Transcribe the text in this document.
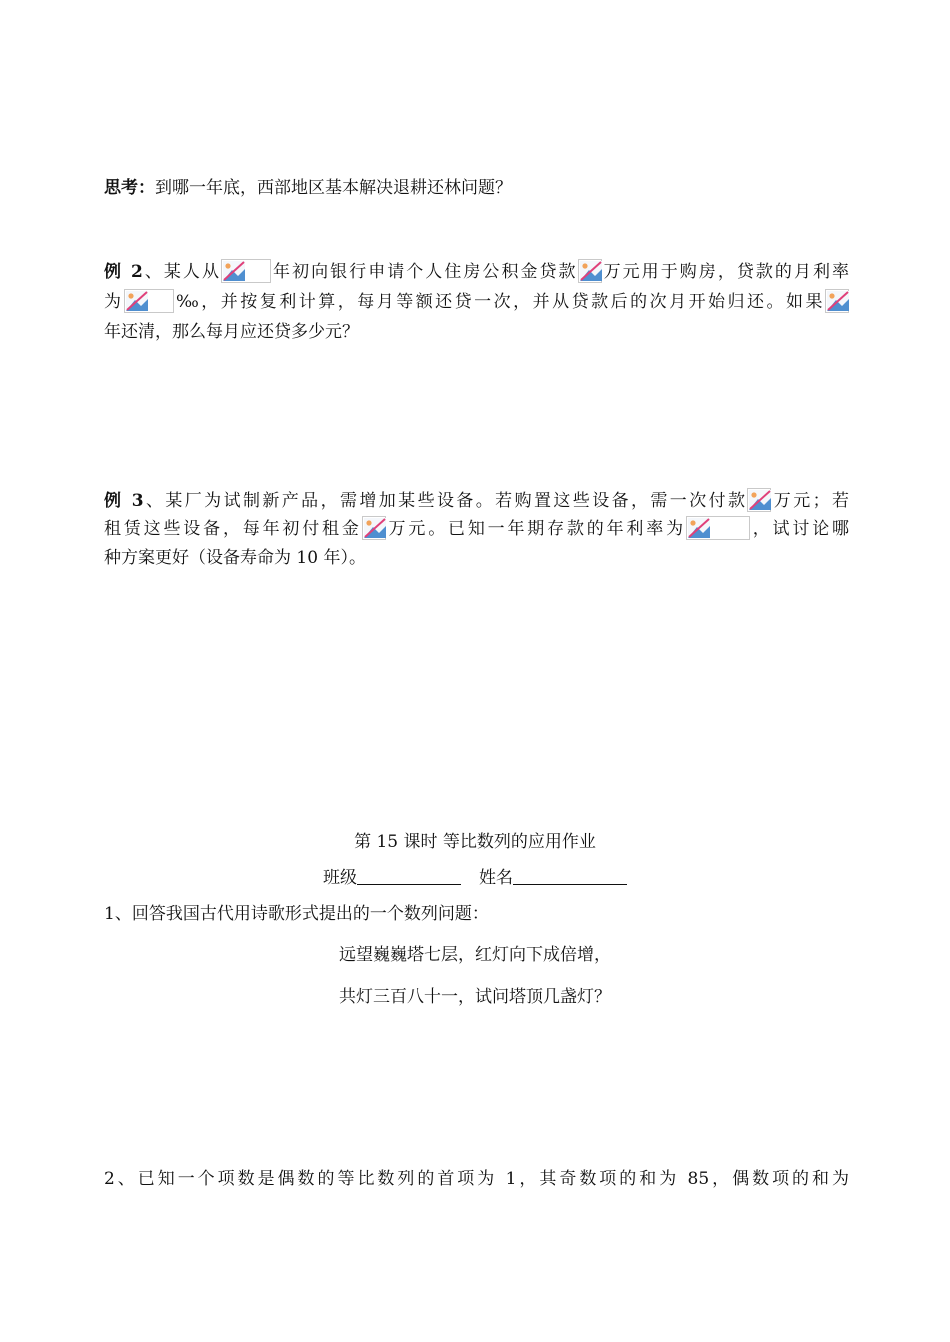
思考：到哪一年底，西部地区基本解决退耕还林问题？
例 2、某人从	年初向银行申请个人住房公积金贷款 万元用于购房，贷款的月利率
为	‰，并按复利计算，每月等额还贷一次，并从贷款后的次月开始归还。如果
年还清，那么每月应还贷多少元？
例 3、某厂为试制新产品，需增加某些设备。若购置这些设备，需一次付款 万元；若
租赁这些设备，每年初付租金 万元。已知一年期存款的年利率为	，试讨论哪
种方案更好（设备寿命为 10 年）。
第 15 课时 等比数列的应用作业
班级	姓名
1、回答我国古代用诗歌形式提出的一个数列问题：
远望巍巍塔七层，红灯向下成倍增，
共灯三百八十一，试问塔顶几盏灯？
2、已知一个项数是偶数的等比数列的首项为 1，其奇数项的和为 85，偶数项的和为
